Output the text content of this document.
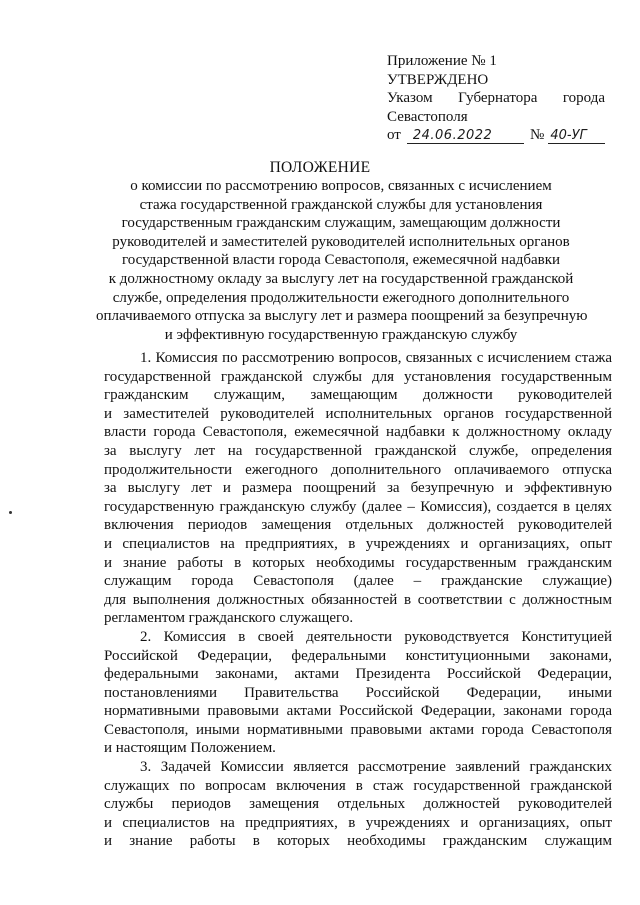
Приложение № 1
УТВЕРЖДЕНО
Указом Губернатора города
Севастополя
от 24.06.2022	№ 40-УГ
ПОЛОЖЕНИЕ
о комиссии по рассмотрению вопросов, связанных с исчислением
стажа государственной гражданской службы для установления
государственным гражданским служащим, замещающим должности
руководителей и заместителей руководителей исполнительных органов
государственной власти города Севастополя, ежемесячной надбавки
к должностному окладу за выслугу лет на государственной гражданской
службе, определения продолжительности ежегодного дополнительного
оплачиваемого отпуска за выслугу лет и размера поощрений за безупречную
и эффективную государственную гражданскую службу

1. Комиссия по рассмотрению вопросов, связанных с исчислением стажа
государственной гражданской службы для установления государственным
гражданским служащим, замещающим должности руководителей
и заместителей руководителей исполнительных органов государственной
власти города Севастополя, ежемесячной надбавки к должностному окладу
за выслугу лет на государственной гражданской службе, определения
продолжительности ежегодного дополнительного оплачиваемого отпуска
за выслугу лет и размера поощрений за безупречную и эффективную
государственную гражданскую службу (далее – Комиссия), создается в целях
включения периодов замещения отдельных должностей руководителей
и специалистов на предприятиях, в учреждениях и организациях, опыт
и знание работы в которых необходимы государственным гражданским
служащим города Севастополя (далее – гражданские служащие)
для выполнения должностных обязанностей в соответствии с должностным
регламентом гражданского служащего.

2. Комиссия в своей деятельности руководствуется Конституцией
Российской Федерации, федеральными конституционными законами,
федеральными законами, актами Президента Российской Федерации,
постановлениями Правительства Российской Федерации, иными
нормативными правовыми актами Российской Федерации, законами города
Севастополя, иными нормативными правовыми актами города Севастополя
и настоящим Положением.

3. Задачей Комиссии является рассмотрение заявлений гражданских
служащих по вопросам включения в стаж государственной гражданской
службы периодов замещения отдельных должностей руководителей
и специалистов на предприятиях, в учреждениях и организациях, опыт
и знание работы в которых необходимы гражданским служащим
